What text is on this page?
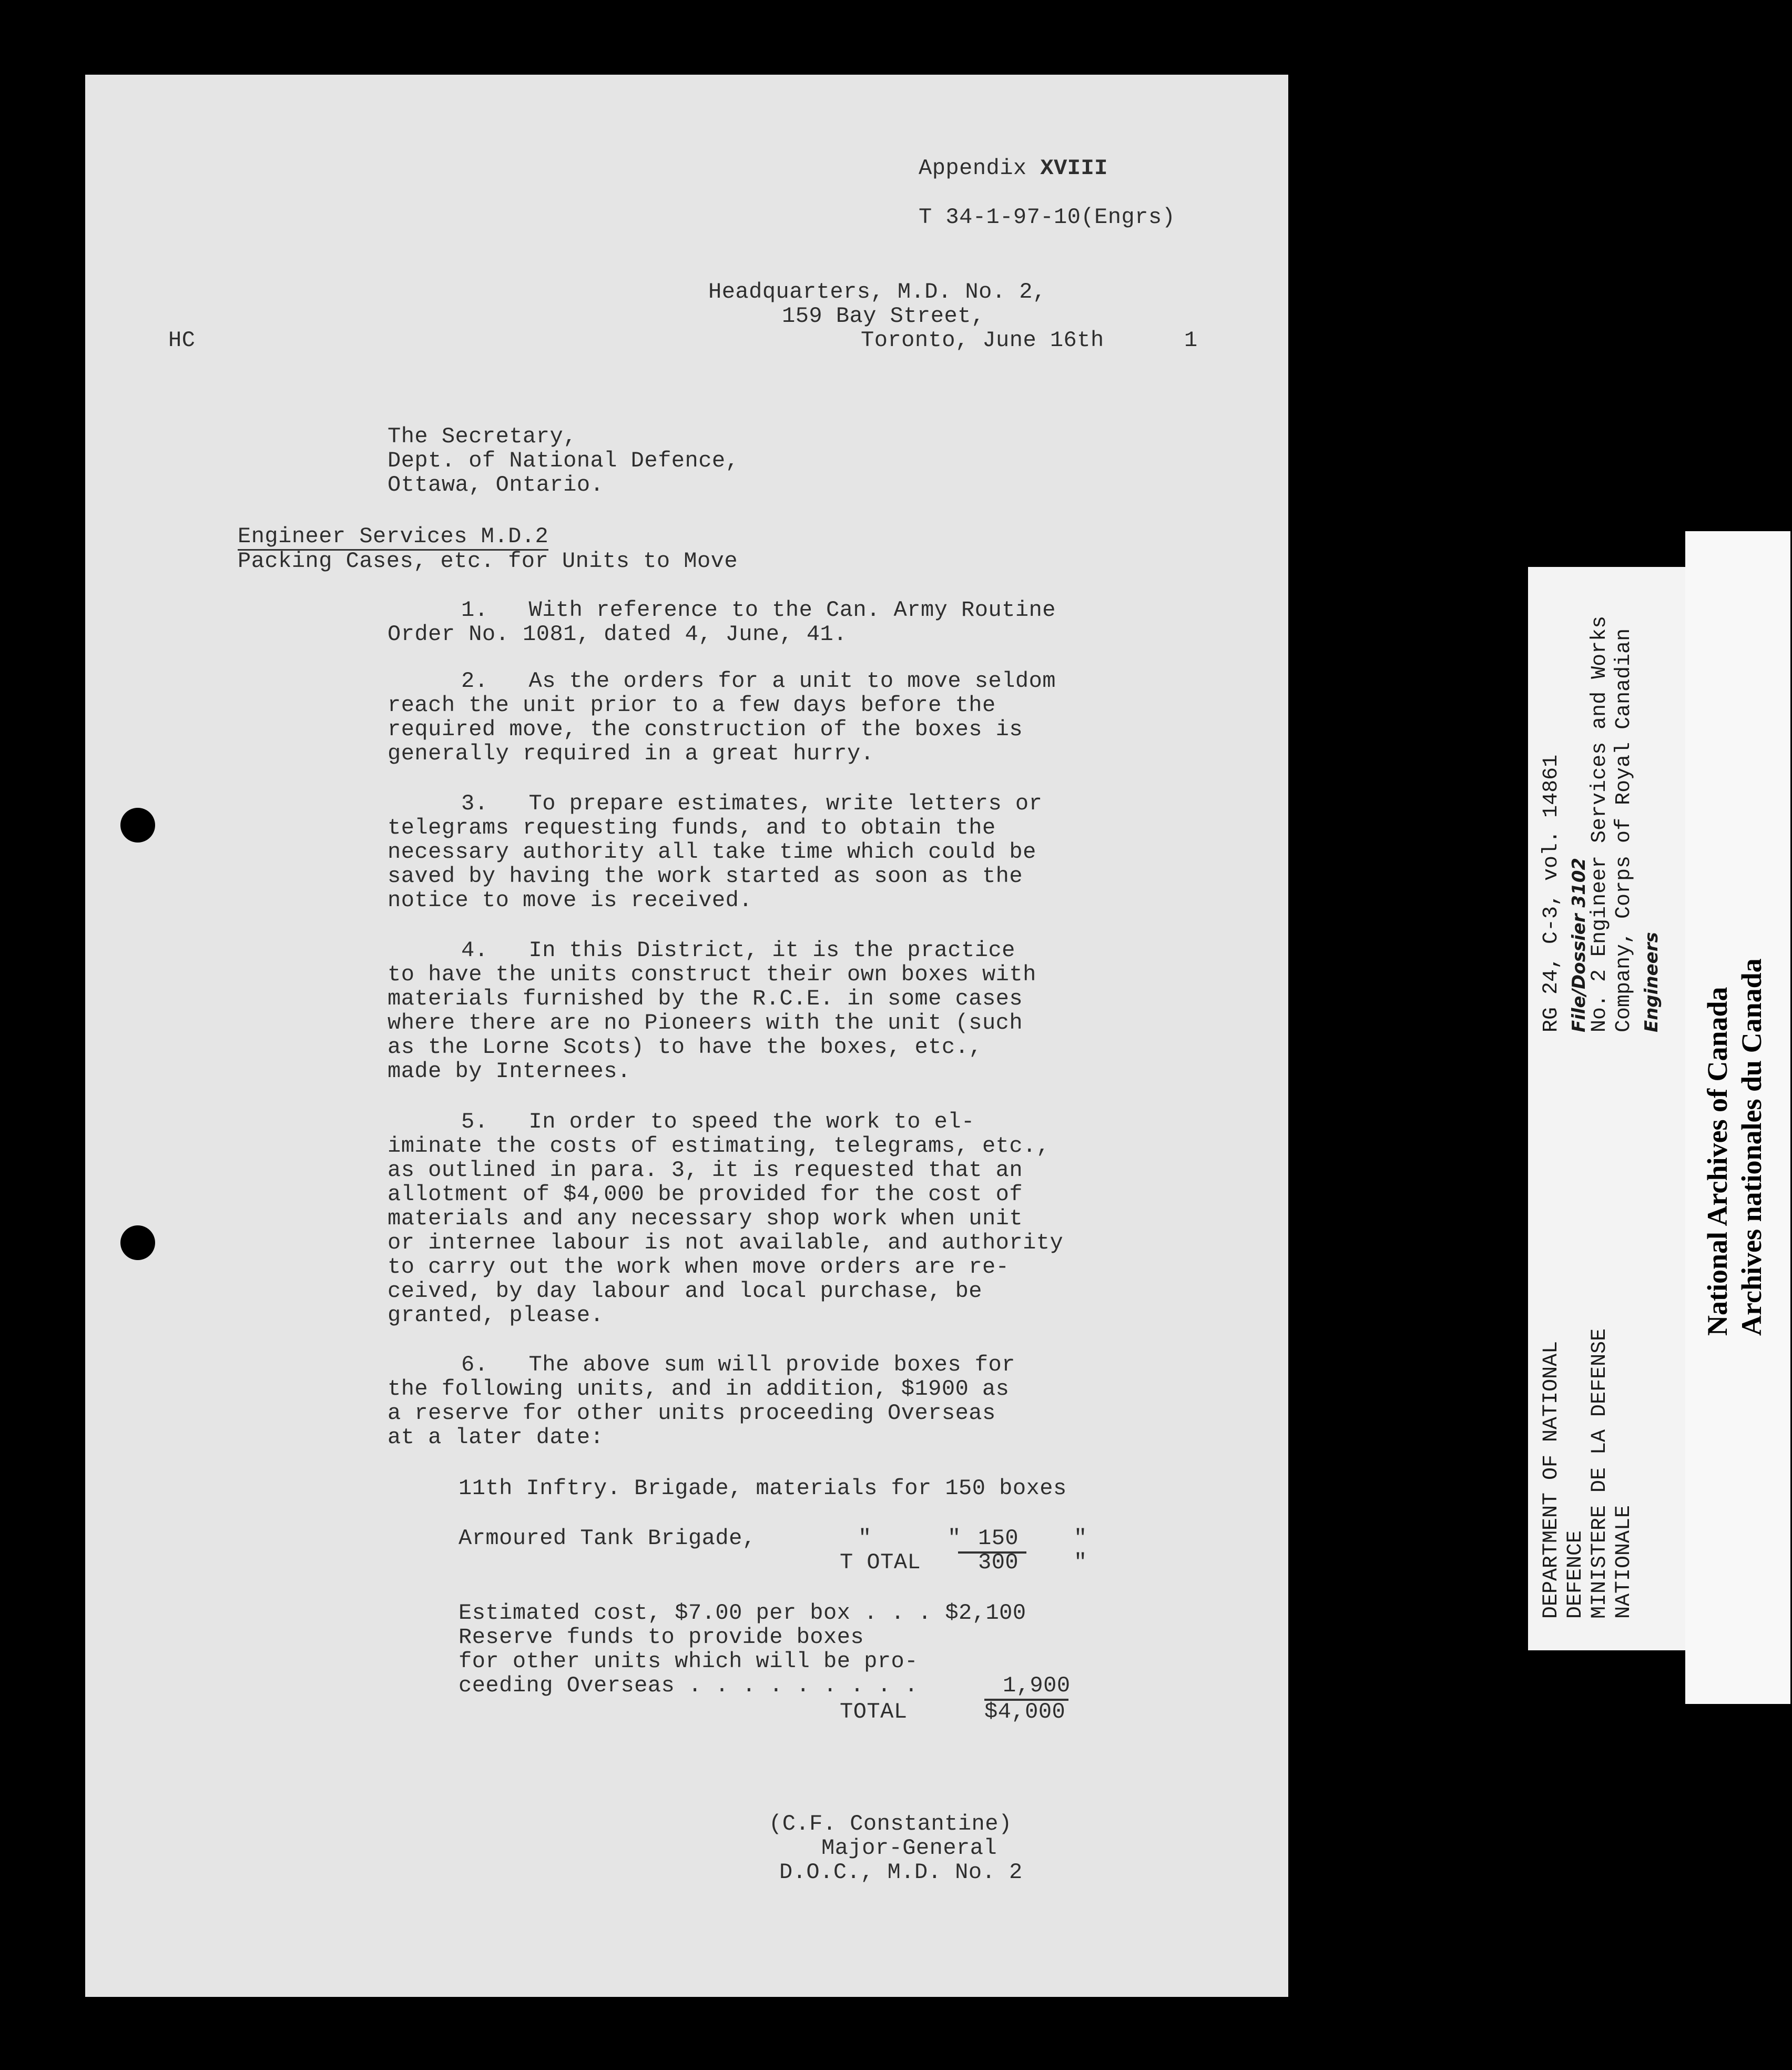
Appendix XVIII
T 34-1-97-10(Engrs)
Headquarters, M.D. No. 2,
159 Bay Street,
Toronto, June 16th	1
HC
The Secretary,
Dept. of National Defence,
Ottawa, Ontario.
Engineer Services M.D.2
Packing Cases, etc. for Units to Move
1.   With reference to the Can. Army Routine
Order No. 1081, dated 4, June, 41.
2.   As the orders for a unit to move seldom
reach the unit prior to a few days before the
required move, the construction of the boxes is
generally required in a great hurry.
3.   To prepare estimates, write letters or
telegrams requesting funds, and to obtain the
necessary authority all take time which could be
saved by having the work started as soon as the
notice to move is received.
4.   In this District, it is the practice
to have the units construct their own boxes with
materials furnished by the R.C.E. in some cases
where there are no Pioneers with the unit (such
as the Lorne Scots) to have the boxes, etc.,
made by Internees.
5.   In order to speed the work to el-
iminate the costs of estimating, telegrams, etc.,
as outlined in para. 3, it is requested that an
allotment of $4,000 be provided for the cost of
materials and any necessary shop work when unit
or internee labour is not available, and authority
to carry out the work when move orders are re-
ceived, by day labour and local purchase, be
granted, please.
6.   The above sum will provide boxes for
the following units, and in addition, $1900 as
a reserve for other units proceeding Overseas
at a later date:
11th Inftry. Brigade, materials for 150 boxes
Armoured Tank Brigade,	"	" 150 "
T OTAL	300 "
Estimated cost, $7.00 per box . . . $2,100
Reserve funds to provide boxes
for other units which will be pro-
ceeding Overseas . . . . . . . . .	1,900
TOTAL	$4,000
(C.F. Constantine)
Major-General
D.O.C., M.D. No. 2
DEPARTMENT OF NATIONAL DEFENCE MINISTERE DE LA DEFENSE NATIONALE
RG 24, C-3, vol. 14861 File/Dossier 3102
No. 2 Engineer Services and Works Company, Corps of Royal Canadian Engineers
National Archives of Canada Archives nationales du Canada
